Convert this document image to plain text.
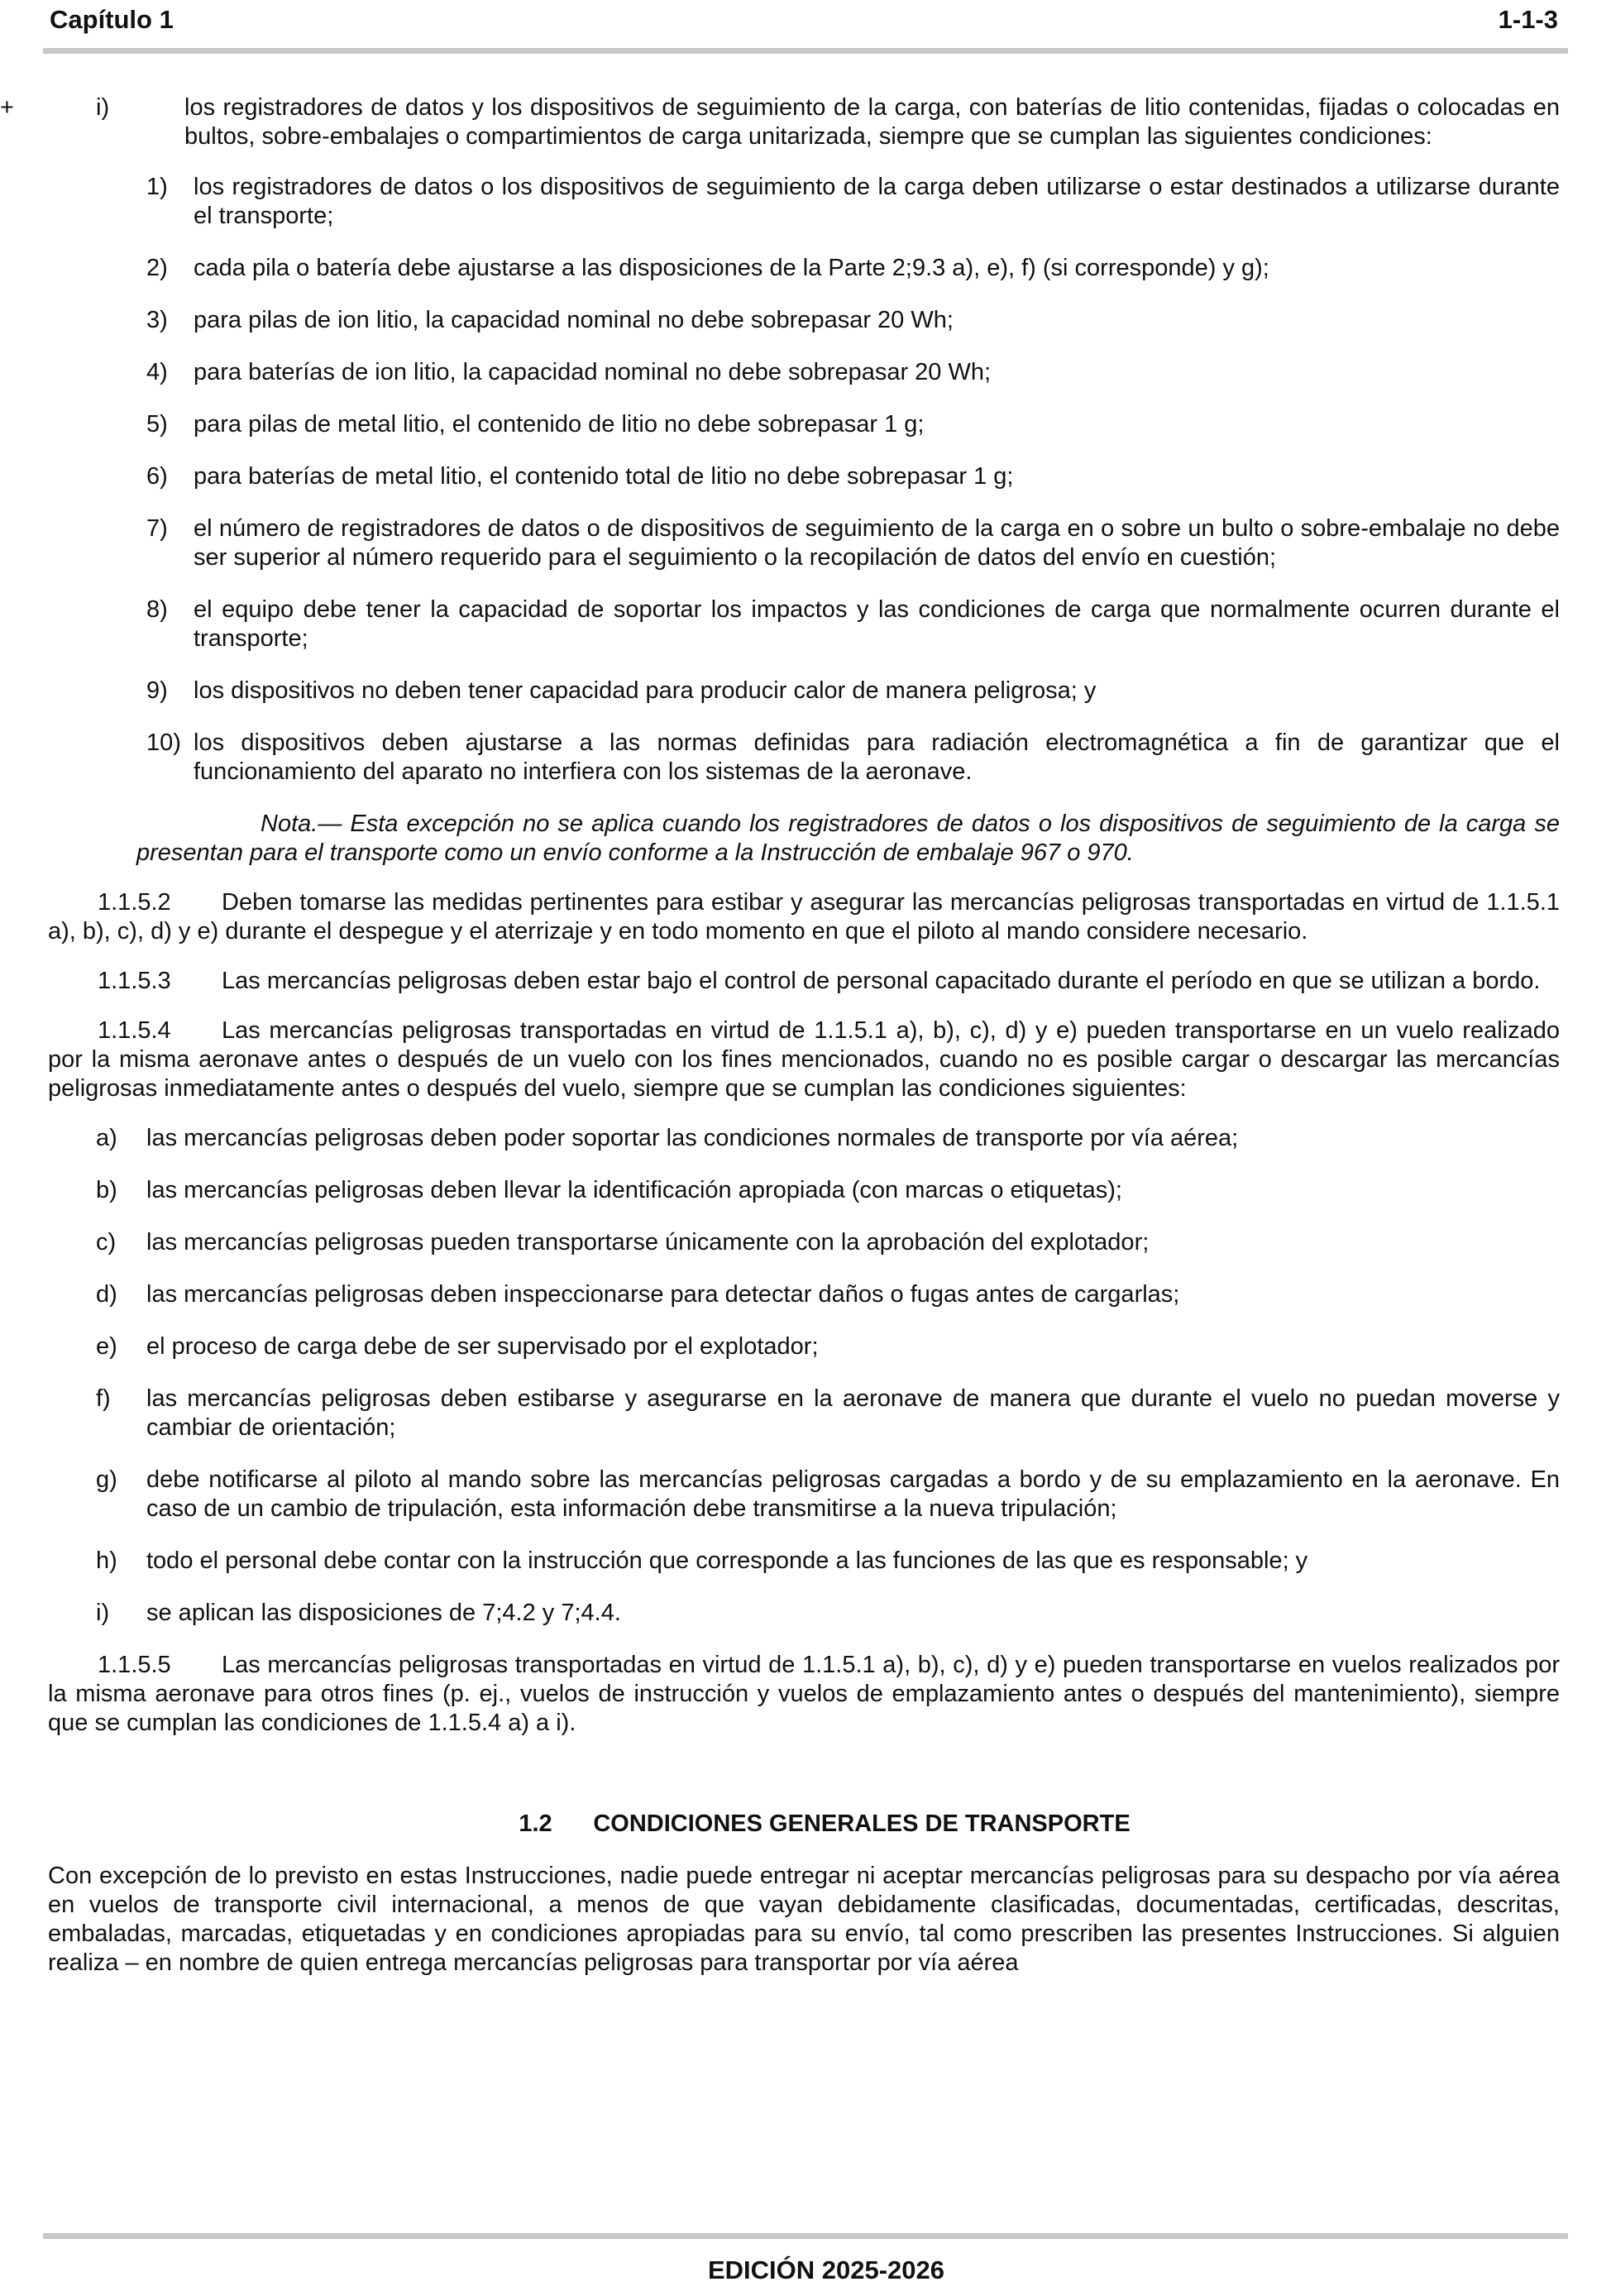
Capítulo 1	1-1-3
+	i)	los registradores de datos y los dispositivos de seguimiento de la carga, con baterías de litio contenidas, fijadas o colocadas en bultos, sobre-embalajes o compartimientos de carga unitarizada, siempre que se cumplan las siguientes condiciones:

1) los registradores de datos o los dispositivos de seguimiento de la carga deben utilizarse o estar destinados a utilizarse durante el transporte;

2) cada pila o batería debe ajustarse a las disposiciones de la Parte 2;9.3 a), e), f) (si corresponde) y g);

3) para pilas de ion litio, la capacidad nominal no debe sobrepasar 20 Wh;

4) para baterías de ion litio, la capacidad nominal no debe sobrepasar 20 Wh;

5) para pilas de metal litio, el contenido de litio no debe sobrepasar 1 g;

6) para baterías de metal litio, el contenido total de litio no debe sobrepasar 1 g;

7) el número de registradores de datos o de dispositivos de seguimiento de la carga en o sobre un bulto o sobre-embalaje no debe ser superior al número requerido para el seguimiento o la recopilación de datos del envío en cuestión;

8) el equipo debe tener la capacidad de soportar los impactos y las condiciones de carga que normalmente ocurren durante el transporte;

9) los dispositivos no deben tener capacidad para producir calor de manera peligrosa; y

10) los dispositivos deben ajustarse a las normas definidas para radiación electromagnética a fin de garantizar que el funcionamiento del aparato no interfiera con los sistemas de la aeronave.

Nota.— Esta excepción no se aplica cuando los registradores de datos o los dispositivos de seguimiento de la carga se presentan para el transporte como un envío conforme a la Instrucción de embalaje 967 o 970.

1.1.5.2 Deben tomarse las medidas pertinentes para estibar y asegurar las mercancías peligrosas transportadas en virtud de 1.1.5.1 a), b), c), d) y e) durante el despegue y el aterrizaje y en todo momento en que el piloto al mando considere necesario.

1.1.5.3 Las mercancías peligrosas deben estar bajo el control de personal capacitado durante el período en que se utilizan a bordo.

1.1.5.4 Las mercancías peligrosas transportadas en virtud de 1.1.5.1 a), b), c), d) y e) pueden transportarse en un vuelo realizado por la misma aeronave antes o después de un vuelo con los fines mencionados, cuando no es posible cargar o descargar las mercancías peligrosas inmediatamente antes o después del vuelo, siempre que se cumplan las condiciones siguientes:

a) las mercancías peligrosas deben poder soportar las condiciones normales de transporte por vía aérea;

b) las mercancías peligrosas deben llevar la identificación apropiada (con marcas o etiquetas);

c) las mercancías peligrosas pueden transportarse únicamente con la aprobación del explotador;

d) las mercancías peligrosas deben inspeccionarse para detectar daños o fugas antes de cargarlas;

e) el proceso de carga debe de ser supervisado por el explotador;

f) las mercancías peligrosas deben estibarse y asegurarse en la aeronave de manera que durante el vuelo no puedan moverse y cambiar de orientación;

g) debe notificarse al piloto al mando sobre las mercancías peligrosas cargadas a bordo y de su emplazamiento en la aeronave. En caso de un cambio de tripulación, esta información debe transmitirse a la nueva tripulación;

h) todo el personal debe contar con la instrucción que corresponde a las funciones de las que es responsable; y

i) se aplican las disposiciones de 7;4.2 y 7;4.4.

1.1.5.5 Las mercancías peligrosas transportadas en virtud de 1.1.5.1 a), b), c), d) y e) pueden transportarse en vuelos realizados por la misma aeronave para otros fines (p. ej., vuelos de instrucción y vuelos de emplazamiento antes o después del mantenimiento), siempre que se cumplan las condiciones de 1.1.5.4 a) a i).

1.2 CONDICIONES GENERALES DE TRANSPORTE

Con excepción de lo previsto en estas Instrucciones, nadie puede entregar ni aceptar mercancías peligrosas para su despacho por vía aérea en vuelos de transporte civil internacional, a menos de que vayan debidamente clasificadas, documentadas, certificadas, descritas, embaladas, marcadas, etiquetadas y en condiciones apropiadas para su envío, tal como prescriben las presentes Instrucciones. Si alguien realiza – en nombre de quien entrega mercancías peligrosas para transportar por vía aérea

EDICIÓN 2025-2026
